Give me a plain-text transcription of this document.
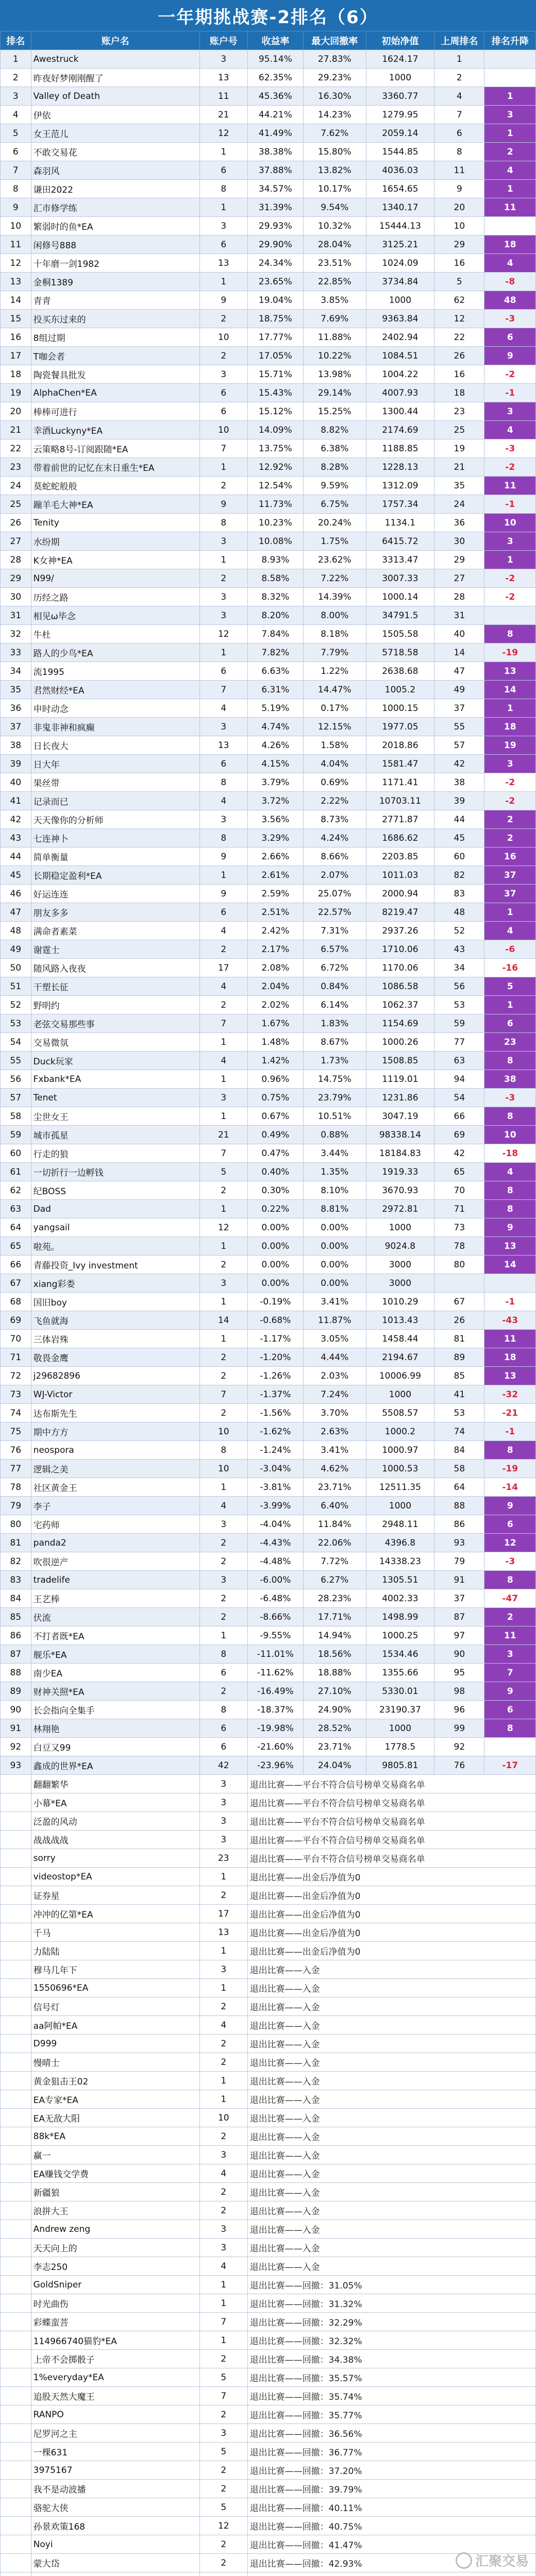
一年期挑战赛-2排名（6）
排名	账户名	账户号	收益率	最大回撤率	初始净值	上周排名	排名升降
1	Awestruck	3	95.14%	27.83%	1624.17	1	
2	昨夜好梦刚刚醒了	13	62.35%	29.23%	1000	2	
3	Valley of Death	11	45.36%	16.30%	3360.77	4	1
4	伊依	21	44.21%	14.23%	1279.95	7	3
5	女王范儿	12	41.49%	7.62%	2059.14	6	1
6	不敢交易花	1	38.38%	15.80%	1544.85	8	2
7	森羽风	6	37.88%	13.82%	4036.03	11	4
8	谦田2022	8	34.57%	10.17%	1654.65	9	1
9	汇市修学练	1	31.39%	9.54%	1340.17	20	11
10	繁弱时的鱼*EA	3	29.93%	10.32%	15444.13	10	
11	闲修号888	6	29.90%	28.04%	3125.21	29	18
12	十年磨一剑1982	13	24.34%	23.51%	1024.09	16	4
13	金桐1389	1	23.65%	22.85%	3734.84	5	-8
14	青青	9	19.04%	3.85%	1000	62	48
15	投买东过来的	2	18.75%	7.69%	9363.84	12	-3
16	8组过期	10	17.77%	11.88%	2402.94	22	6
17	T咖会者	2	17.05%	10.22%	1084.51	26	9
18	陶瓷餐具批发	3	15.71%	13.98%	1004.22	16	-2
19	AlphaChen*EA	6	15.43%	29.14%	4007.93	18	-1
20	棒棒可进行	6	15.12%	15.25%	1300.44	23	3
21	幸酒Luckyny*EA	10	14.09%	8.82%	2174.69	25	4
22	云策略8号-订阅跟随*EA	7	13.75%	6.38%	1188.85	19	-3
23	带着前世的记忆在末日重生*EA	1	12.92%	8.28%	1228.13	21	-2
24	莫蛇蛇般般	2	12.54%	9.59%	1312.09	35	11
25	蹦羊毛大神*EA	9	11.73%	6.75%	1757.34	24	-1
26	Tenity	8	10.23%	20.24%	1134.1	36	10
27	水纷期	3	10.08%	1.75%	6415.72	30	3
28	K女神*EA	1	8.93%	23.62%	3313.47	29	1
29	N99/	2	8.58%	7.22%	3007.33	27	-2
30	历经之路	3	8.32%	14.39%	1000.14	28	-2
31	相见ω毕念	3	8.20%	8.00%	34791.5	31	
32	牛杜	12	7.84%	8.18%	1505.58	40	8
33	路人的少鸟*EA	1	7.82%	7.79%	5718.58	14	-19
34	流1995	6	6.63%	1.22%	2638.68	47	13
35	君然财经*EA	7	6.31%	14.47%	1005.2	49	14
36	申时动念	4	5.19%	0.17%	1000.15	37	1
37	非鬼非神和疯癫	3	4.74%	12.15%	1977.05	55	18
38	日长夜大	13	4.26%	1.58%	2018.86	57	19
39	日大年	6	4.15%	4.04%	1581.47	42	3
40	果丝带	8	3.79%	0.69%	1171.41	38	-2
41	记录而已	4	3.72%	2.22%	10703.11	39	-2
42	天天像你的分析师	3	3.56%	8.73%	2771.87	44	2
43	七连神卜	8	3.29%	4.24%	1686.62	45	2
44	简单衡量	9	2.66%	8.66%	2203.85	60	16
45	长期稳定盈利*EA	1	2.61%	2.07%	1011.03	82	37
46	好运连连	9	2.59%	25.07%	2000.94	83	37
47	朋友多多	6	2.51%	22.57%	8219.47	48	1
48	满命者素菜	4	2.42%	7.31%	2937.26	52	4
49	谢霆士	2	2.17%	6.57%	1710.06	43	-6
50	随风路入夜夜	17	2.08%	6.72%	1170.06	34	-16
51	干塑长征	4	2.04%	0.84%	1086.58	56	5
52	野明约	2	2.02%	6.14%	1062.37	53	1
53	老弦交易那些事	7	1.67%	1.83%	1154.69	59	6
54	交易微氛	1	1.48%	8.67%	1000.26	77	23
55	Duck玩家	4	1.42%	1.73%	1508.85	63	8
56	Fxbank*EA	1	0.96%	14.75%	1119.01	94	38
57	Tenet	3	0.75%	23.79%	1231.86	54	-3
58	尘世女王	1	0.67%	10.51%	3047.19	66	8
59	城市孤星	21	0.49%	0.88%	98338.14	69	10
60	行走的狼	7	0.47%	3.44%	18184.83	42	-18
61	一切折行一边孵钱	5	0.40%	1.35%	1919.33	65	4
62	纪BOSS	2	0.30%	8.10%	3670.93	70	8
63	Dad	1	0.22%	8.81%	2972.81	71	8
64	yangsail	12	0.00%	0.00%	1000	73	9
65	啦苑。	1	0.00%	0.00%	9024.8	78	13
66	青藤投资_Ivy investment	2	0.00%	0.00%	3000	80	14
67	xiang彩娄	3	0.00%	0.00%	3000		
68	国旧boy	1	-0.19%	3.41%	1010.29	67	-1
69	飞鱼就海	14	-0.68%	11.87%	1013.43	26	-43
70	三体岩殊	1	-1.17%	3.05%	1458.44	81	11
71	敬畏金鹰	2	-1.20%	4.44%	2194.67	89	18
72	j29682896	2	-1.26%	2.03%	10006.99	85	13
73	WJ-Victor	7	-1.37%	7.24%	1000	41	-32
74	达布斯先生	2	-1.56%	3.70%	5508.57	53	-21
75	期中方方	10	-1.62%	2.63%	1000.2	74	-1
76	neospora	8	-1.24%	3.41%	1000.97	84	8
77	逻辑之美	10	-3.04%	4.62%	1000.53	58	-19
78	社区黄金王	1	-3.81%	23.71%	12511.35	64	-14
79	李子	4	-3.99%	6.40%	1000	88	9
80	宅药师	3	-4.04%	11.84%	2948.11	86	6
81	panda2	2	-4.43%	22.06%	4396.8	93	12
82	吹很逆产	2	-4.48%	7.72%	14338.23	79	-3
83	tradelife	3	-6.00%	6.27%	1305.51	91	8
84	王艺棒	2	-6.48%	28.23%	4002.33	37	-47
85	伏流	2	-8.66%	17.71%	1498.99	87	2
86	不打者既*EA	1	-9.55%	14.94%	1000.25	97	11
87	舰乐*EA	8	-11.01%	18.56%	1534.46	90	3
88	南少EA	6	-11.62%	18.88%	1355.66	95	7
89	财神关照*EA	2	-16.49%	27.10%	5330.01	98	9
90	长会指向全集手	8	-18.37%	24.90%	23190.37	96	6
91	林翔艳	6	-19.98%	28.52%	1000	99	8
92	白豆又99	6	-21.60%	23.71%	1778.5	92	
93	鑫成的世界*EA	42	-23.96%	24.04%	9805.81	76	-17
	翻翻繁华	3	退出比赛——平台不符合信号榜单交易商名单				
	小幕*EA	3	退出比赛——平台不符合信号榜单交易商名单				
	泛盈的风动	3	退出比赛——平台不符合信号榜单交易商名单				
	战战战战	3	退出比赛——平台不符合信号榜单交易商名单				
	sorry	23	退出比赛——平台不符合信号榜单交易商名单				
	videostop*EA	1	退出比赛——出金后净值为0				
	证券星	2	退出比赛——出金后净值为0				
	冲冲的亿第*EA	17	退出比赛——出金后净值为0				
	千马	13	退出比赛——出金后净值为0				
	力陆陆	1	退出比赛——出金后净值为0				
	穆马几年下	3	退出比赛——入金				
	1550696*EA	1	退出比赛——入金				
	信号灯	2	退出比赛——入金				
	aa阿帕*EA	4	退出比赛——入金				
	D999	2	退出比赛——入金				
	慢晴士	2	退出比赛——入金				
	黄金狙击王02	1	退出比赛——入金				
	EA专家*EA	1	退出比赛——入金				
	EA无敌大阳	10	退出比赛——入金				
	88k*EA	2	退出比赛——入金				
	赢一	3	退出比赛——入金				
	EA赚钱交学费	4	退出比赛——入金				
	新疆狼	2	退出比赛——入金				
	浪拼大王	2	退出比赛——入金				
	Andrew zeng	3	退出比赛——入金				
	天天向上的	3	退出比赛——入金				
	李志250	4	退出比赛——入金				
	GoldSniper	1	退出比赛——回撤：31.05%				
	时光曲伤	1	退出比赛——回撤：31.32%				
	彩蝶蛮菩	7	退出比赛——回撤：32.29%				
	114966740猫豹*EA	1	退出比赛——回撤：32.32%				
	上帝不会掷骰子	2	退出比赛——回撤：34.38%				
	1%everyday*EA	5	退出比赛——回撤：35.57%				
	追股天然大魔王	7	退出比赛——回撤：35.74%				
	RANPO	2	退出比赛——回撤：35.77%				
	尼罗河之主	3	退出比赛——回撤：36.56%				
	一棵631	5	退出比赛——回撤：36.77%				
	3975167	2	退出比赛——回撤：37.20%				
	我不是动波播	2	退出比赛——回撤：39.79%				
	骆驼大侠	5	退出比赛——回撤：40.11%				
	孙景欢策168	12	退出比赛——回撤：40.75%				
	Noyi	2	退出比赛——回撤：41.47%				
	蒙大岱	2	退出比赛——回撤：42.93%				

				汇聚交易
